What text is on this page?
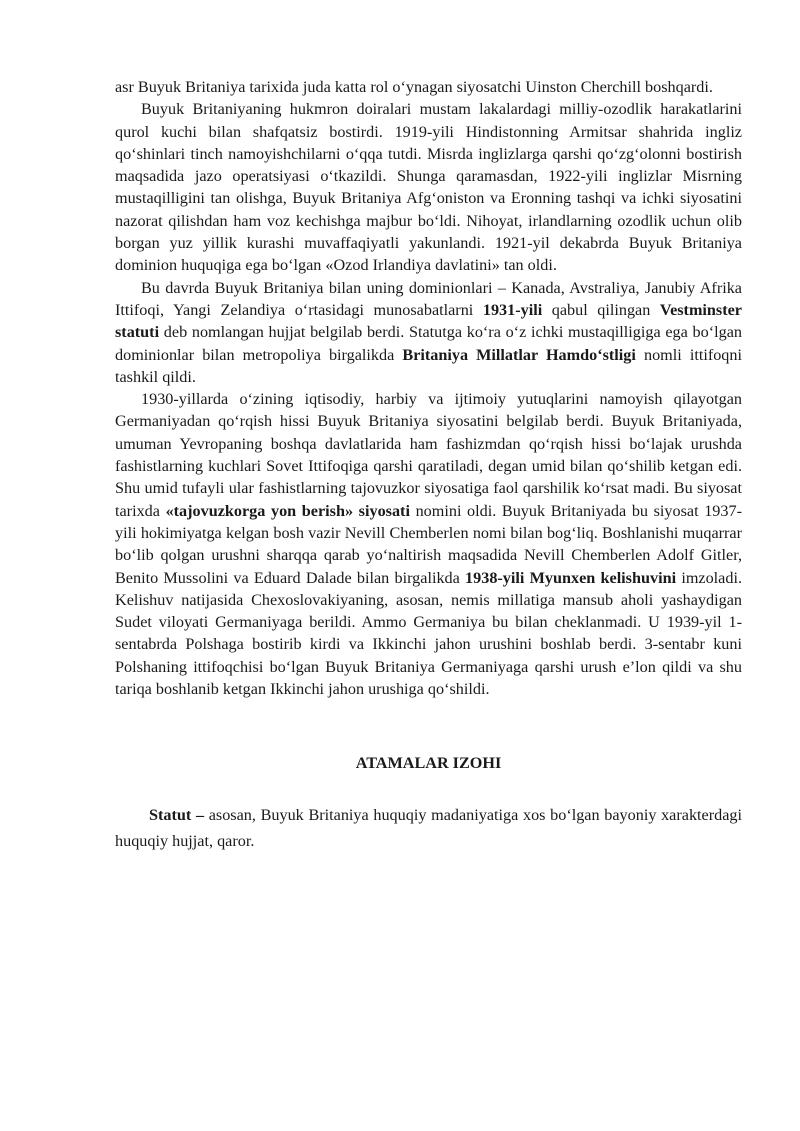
asr Buyuk Britaniya tarixida juda katta rol o‘ynagan siyosatchi Uinston Cherchill boshqardi.

Buyuk Britaniyaning hukmron doiralari mustam lakalardagi milliy-ozodlik harakatlarini qurol kuchi bilan shafqatsiz bostirdi. 1919-yili Hindistonning Armitsar shahrida ingliz qo‘shinlari tinch namoyishchilarni o‘qqa tutdi. Misrda inglizlarga qarshi qo‘zg‘olonni bostirish maqsadida jazo operatsiyasi o‘tkazildi. Shunga qaramasdan, 1922-yili inglizlar Misrning mustaqilligini tan olishga, Buyuk Britaniya Afg‘oniston va Eronning tashqi va ichki siyosatini nazorat qilishdan ham voz kechishga majbur bo‘ldi. Nihoyat, irlandlarning ozodlik uchun olib borgan yuz yillik kurashi muvaffaqiyatli yakunlandi. 1921-yil dekabrda Buyuk Britaniya dominion huquqiga ega bo‘lgan «Ozod Irlandiya davlatini» tan oldi.

Bu davrda Buyuk Britaniya bilan uning dominionlari – Kanada, Avstraliya, Janubiy Afrika Ittifoqi, Yangi Zelandiya o‘rtasidagi munosabatlarni 1931-yili qabul qilingan Vestminster statuti deb nomlangan hujjat belgilab berdi. Statutga ko‘ra o‘z ichki mustaqilligiga ega bo‘lgan dominionlar bilan metropoliya birgalikda Britaniya Millatlar Hamdo‘stligi nomli ittifoqni tashkil qildi.

1930-yillarda o‘zining iqtisodiy, harbiy va ijtimoiy yutuqlarini namoyish qilayotgan Germaniyadan qo‘rqish hissi Buyuk Britaniya siyosatini belgilab berdi. Buyuk Britaniyada, umuman Yevropaning boshqa davlatlarida ham fashizmdan qo‘rqish hissi bo‘lajak urushda fashistlarning kuchlari Sovet Ittifoqiga qarshi qaratiladi, degan umid bilan qo‘shilib ketgan edi. Shu umid tufayli ular fashistlarning tajovuzkor siyosatiga faol qarshilik ko‘rsat madi. Bu siyosat tarixda «tajovuzkorga yon berish» siyosati nomini oldi. Buyuk Britaniyada bu siyosat 1937-yili hokimiyatga kelgan bosh vazir Nevill Chemberlen nomi bilan bog‘liq. Boshlanishi muqarrar bo‘lib qolgan urushni sharqqa qarab yo‘naltirish maqsadida Nevill Chemberlen Adolf Gitler, Benito Mussolini va Eduard Dalade bilan birgalikda 1938-yili Myunxen kelishuvini imzoladi. Kelishuv natijasida Chexoslovakiyaning, asosan, nemis millatiga mansub aholi yashaydigan Sudet viloyati Germaniyaga berildi. Ammo Germaniya bu bilan cheklanmadi. U 1939-yil 1-sentabrda Polshaga bostirib kirdi va Ikkinchi jahon urushini boshlab berdi. 3-sentabr kuni Polshaning ittifoqchisi bo‘lgan Buyuk Britaniya Germaniyaga qarshi urush e’lon qildi va shu tariqa boshlanib ketgan Ikkinchi jahon urushiga qo‘shildi.

ATAMALAR IZOHI

Statut – asosan, Buyuk Britaniya huquqiy madaniyatiga xos bo‘lgan bayoniy xarakterdagi huquqiy hujjat, qaror.
